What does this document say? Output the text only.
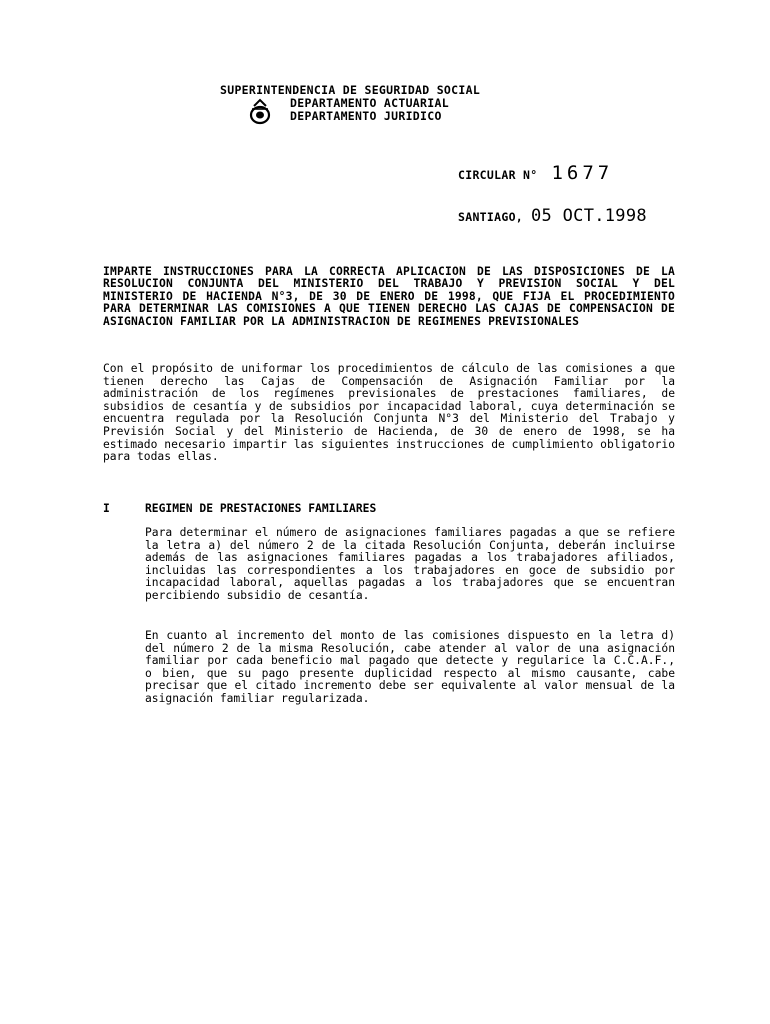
SUPERINTENDENCIA DE SEGURIDAD SOCIAL
DEPARTAMENTO ACTUARIAL
DEPARTAMENTO JURIDICO
CIRCULAR N° 1677
SANTIAGO, 05 OCT.1998
IMPARTE INSTRUCCIONES PARA LA CORRECTA APLICACION DE LAS DISPOSICIONES DE LA RESOLUCION CONJUNTA DEL MINISTERIO DEL TRABAJO Y PREVISION SOCIAL Y DEL MINISTERIO DE HACIENDA N°3, DE 30 DE ENERO DE 1998, QUE FIJA EL PROCEDIMIENTO PARA DETERMINAR LAS COMISIONES A QUE TIENEN DERECHO LAS CAJAS DE COMPENSACION DE ASIGNACION FAMILIAR POR LA ADMINISTRACION DE REGIMENES PREVISIONALES
Con el propósito de uniformar los procedimientos de cálculo de las comisiones a que tienen derecho las Cajas de Compensación de Asignación Familiar por la administración de los regímenes previsionales de prestaciones familiares, de subsidios de cesantía y de subsidios por incapacidad laboral, cuya determinación se encuentra regulada por la Resolución Conjunta N°3 del Ministerio del Trabajo y Previsión Social y del Ministerio de Hacienda, de 30 de enero de 1998, se ha estimado necesario impartir las siguientes instrucciones de cumplimiento obligatorio para todas ellas.
I	REGIMEN DE PRESTACIONES FAMILIARES
Para determinar el número de asignaciones familiares pagadas a que se refiere la letra a) del número 2 de la citada Resolución Conjunta, deberán incluirse además de las asignaciones familiares pagadas a los trabajadores afiliados, incluidas las correspondientes a los trabajadores en goce de subsidio por incapacidad laboral, aquellas pagadas a los trabajadores que se encuentran percibiendo subsidio de cesantía.
En cuanto al incremento del monto de las comisiones dispuesto en la letra d) del número 2 de la misma Resolución, cabe atender al valor de una asignación familiar por cada beneficio mal pagado que detecte y regularice la C.C.A.F., o bien, que su pago presente duplicidad respecto al mismo causante, cabe precisar que el citado incremento debe ser equivalente al valor mensual de la asignación familiar regularizada.
